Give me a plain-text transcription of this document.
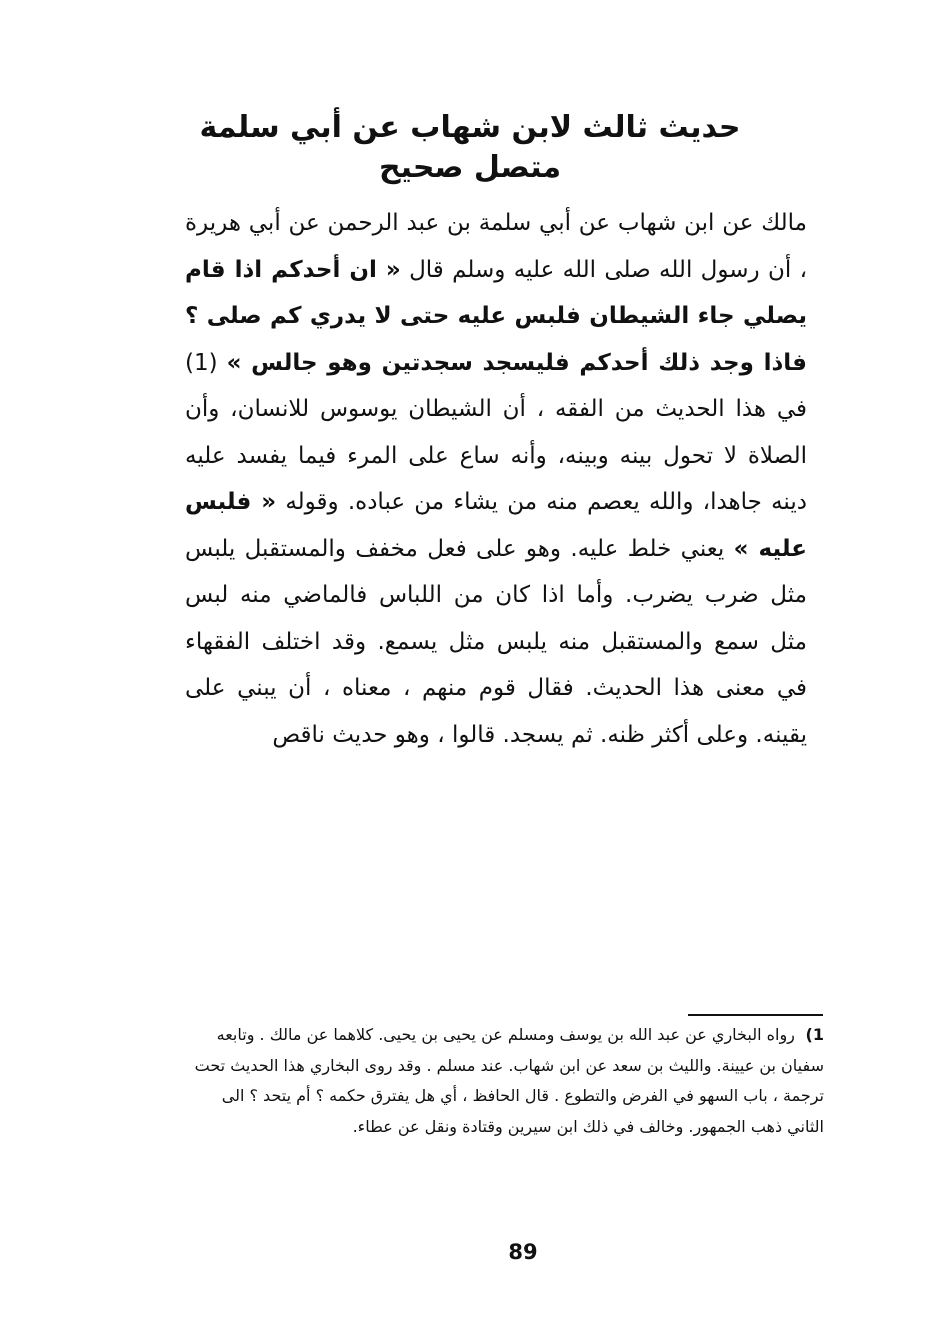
حديث ثالث لابن شهاب عن أبي سلمة متصل صحيح

مالك عن ابن شهاب عن أبي سلمة بن عبد الرحمن عن أبي هريرة ، أن رسول الله صلى الله عليه وسلم قال « ان أحدكم اذا قام يصلي جاء الشيطان فلبس عليه حتى لا يدري كم صلى ؟ فاذا وجد ذلك أحدكم فليسجد سجدتين وهو جالس » (1) في هذا الحديث من الفقه ، أن الشيطان يوسوس للانسان، وأن الصلاة لا تحول بينه وبينه، وأنه ساع على المرء فيما يفسد عليه دينه جاهدا، والله يعصم منه من يشاء من عباده. وقوله « فلبس عليه » يعني خلط عليه. وهو على فعل مخفف والمستقبل يلبس مثل ضرب يضرب. وأما اذا كان من اللباس فالماضي منه لبس مثل سمع والمستقبل منه يلبس مثل يسمع. وقد اختلف الفقهاء في معنى هذا الحديث. فقال قوم منهم ، معناه ، أن يبني على يقينه. وعلى أكثر ظنه. ثم يسجد. قالوا ، وهو حديث ناقص

1) رواه البخاري عن عبد الله بن يوسف ومسلم عن يحيى بن يحيى. كلاهما عن مالك . وتابعه سفيان بن عيينة. والليث بن سعد عن ابن شهاب. عند مسلم . وقد روى البخاري هذا الحديث تحت ترجمة ، باب السهو في الفرض والتطوع . قال الحافظ ، أي هل يفترق حكمه ؟ أم يتحد ؟ الى الثاني ذهب الجمهور. وخالف في ذلك ابن سيرين وقتادة ونقل عن عطاء.

89
